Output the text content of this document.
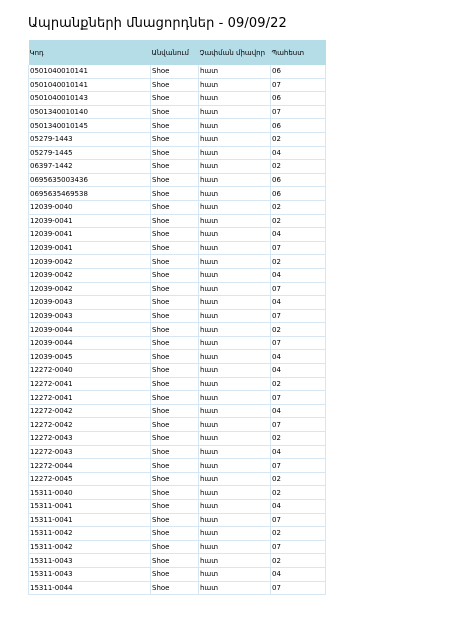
Ապրանքների մնացորդներ - 09/09/22
Կոդ	Անվանում	Չափման միավոր	Պահեստ
0501040010141	Shoe	հատ	06
0501040010141	Shoe	հատ	07
0501040010143	Shoe	հատ	06
0501340010140	Shoe	հատ	07
0501340010145	Shoe	հատ	06
05279-1443	Shoe	հատ	02
05279-1445	Shoe	հատ	04
06397-1442	Shoe	հատ	02
0695635003436	Shoe	հատ	06
0695635469538	Shoe	հատ	06
12039-0040	Shoe	հատ	02
12039-0041	Shoe	հատ	02
12039-0041	Shoe	հատ	04
12039-0041	Shoe	հատ	07
12039-0042	Shoe	հատ	02
12039-0042	Shoe	հատ	04
12039-0042	Shoe	հատ	07
12039-0043	Shoe	հատ	04
12039-0043	Shoe	հատ	07
12039-0044	Shoe	հատ	02
12039-0044	Shoe	հատ	07
12039-0045	Shoe	հատ	04
12272-0040	Shoe	հատ	04
12272-0041	Shoe	հատ	02
12272-0041	Shoe	հատ	07
12272-0042	Shoe	հատ	04
12272-0042	Shoe	հատ	07
12272-0043	Shoe	հատ	02
12272-0043	Shoe	հատ	04
12272-0044	Shoe	հատ	07
12272-0045	Shoe	հատ	02
15311-0040	Shoe	հատ	02
15311-0041	Shoe	հատ	04
15311-0041	Shoe	հատ	07
15311-0042	Shoe	հատ	02
15311-0042	Shoe	հատ	07
15311-0043	Shoe	հատ	02
15311-0043	Shoe	հատ	04
15311-0044	Shoe	հատ	07
